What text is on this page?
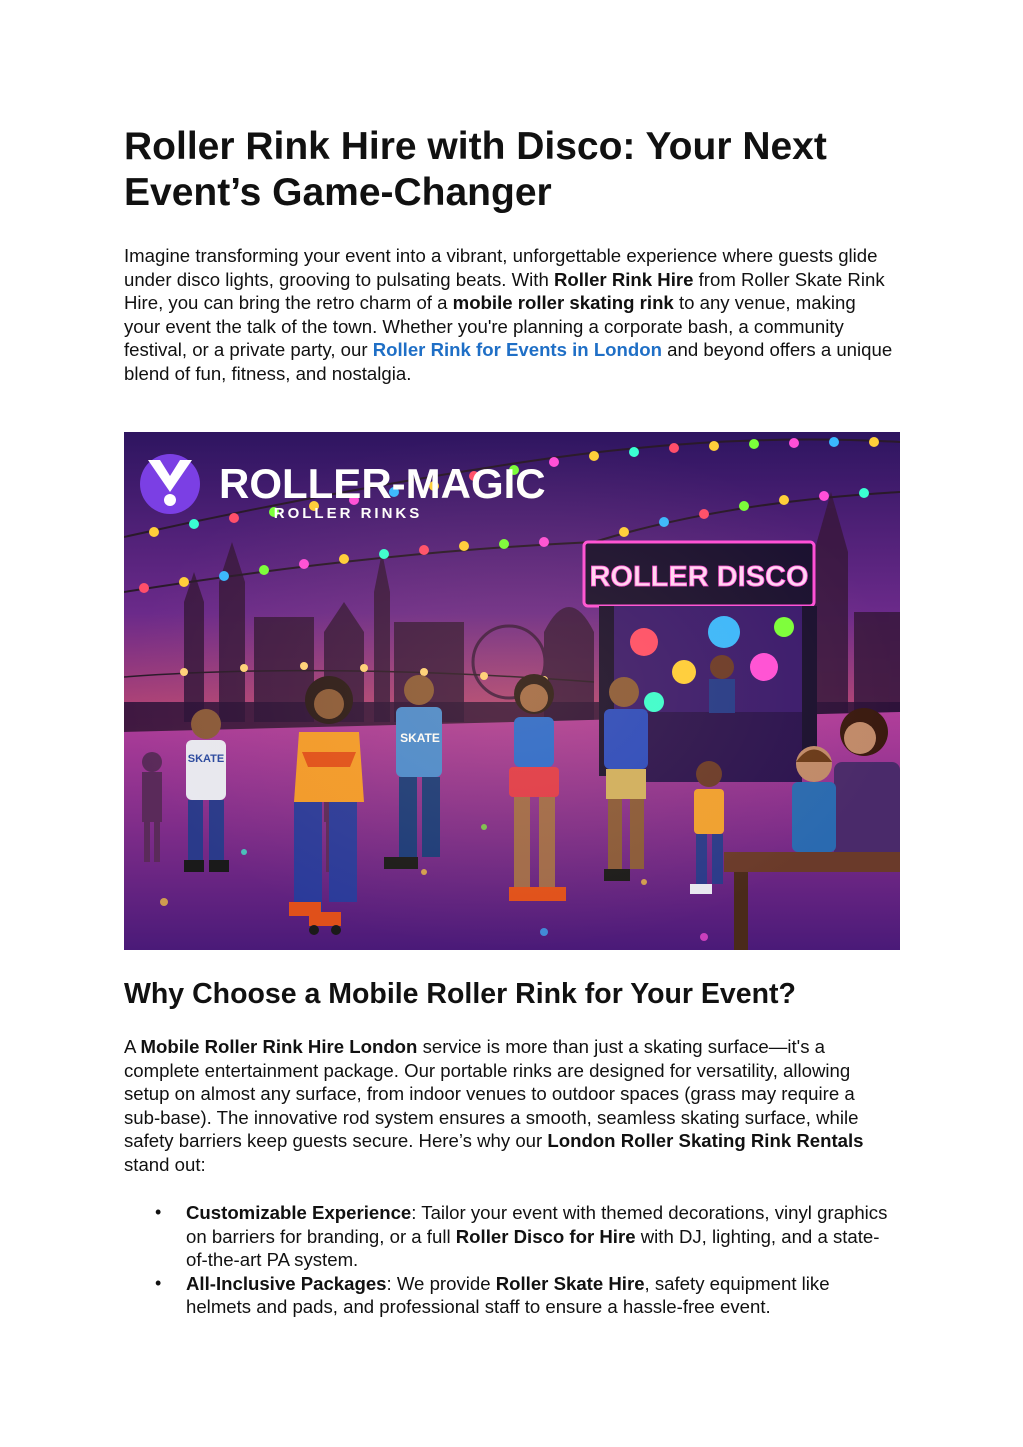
Roller Rink Hire with Disco: Your Next Event’s Game-Changer

Imagine transforming your event into a vibrant, unforgettable experience where guests glide under disco lights, grooving to pulsating beats. With Roller Rink Hire from Roller Skate Rink Hire, you can bring the retro charm of a mobile roller skating rink to any venue, making your event the talk of the town. Whether you're planning a corporate bash, a community festival, or a private party, our Roller Rink for Events in London and beyond offers a unique blend of fun, fitness, and nostalgia.

ROLLER DISCO
ROLLER-MAGIC
ROLLER RINKS
SKATE
SKATE
Why Choose a Mobile Roller Rink for Your Event?

A Mobile Roller Rink Hire London service is more than just a skating surface—it's a complete entertainment package. Our portable rinks are designed for versatility, allowing setup on almost any surface, from indoor venues to outdoor spaces (grass may require a sub-base). The innovative rod system ensures a smooth, seamless skating surface, while safety barriers keep guests secure. Here’s why our London Roller Skating Rink Rentals stand out:

• Customizable Experience: Tailor your event with themed decorations, vinyl graphics on barriers for branding, or a full Roller Disco for Hire with DJ, lighting, and a state-of-the-art PA system.
• All-Inclusive Packages: We provide Roller Skate Hire, safety equipment like helmets and pads, and professional staff to ensure a hassle-free event.
